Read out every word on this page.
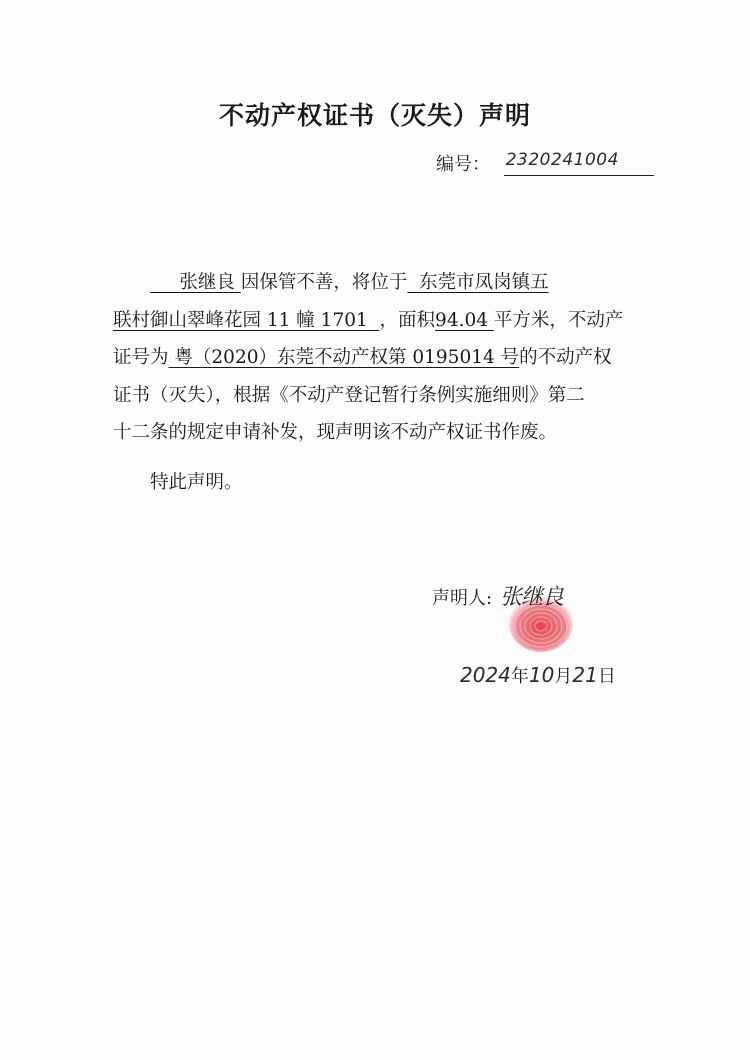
不动产权证书（灭失）声明
编号： 2320241004
张继良 因保管不善，将位于 东莞市凤岗镇五
联村御山翠峰花园 11 幢 1701 ，面积94.04 平方米，不动产
证号为 粤（2020）东莞不动产权第 0195014 号的不动产权
证书（灭失），根据《不动产登记暂行条例实施细则》第二
十二条的规定申请补发，现声明该不动产权证书作废。
特此声明。
声明人: 张继良
2024年10月21日
